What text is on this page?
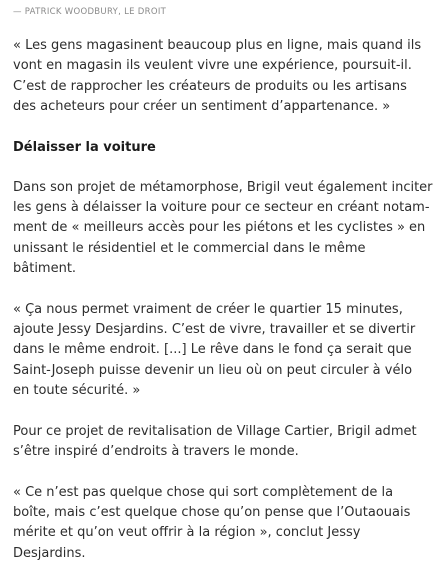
— PATRICK WOODBURY, LE DROIT

« Les gens magasinent beaucoup plus en ligne, mais quand ils
vont en magasin ils veulent vivre une expérience, poursuit-il.
C’est de rapprocher les créateurs de produits ou les artisans
des acheteurs pour créer un sentiment d’appartenance. »

Délaisser la voiture

Dans son projet de métamorphose, Brigil veut également inciter
les gens à délaisser la voiture pour ce secteur en créant notam-
ment de « meilleurs accès pour les piétons et les cyclistes » en
unissant le résidentiel et le commercial dans le même
bâtiment.

« Ça nous permet vraiment de créer le quartier 15 minutes,
ajoute Jessy Desjardins. C’est de vivre, travailler et se divertir
dans le même endroit. [...] Le rêve dans le fond ça serait que
Saint-Joseph puisse devenir un lieu où on peut circuler à vélo
en toute sécurité. »

Pour ce projet de revitalisation de Village Cartier, Brigil admet
s’être inspiré d’endroits à travers le monde.

« Ce n’est pas quelque chose qui sort complètement de la
boîte, mais c’est quelque chose qu’on pense que l’Outaouais
mérite et qu’on veut offrir à la région », conclut Jessy
Desjardins.
